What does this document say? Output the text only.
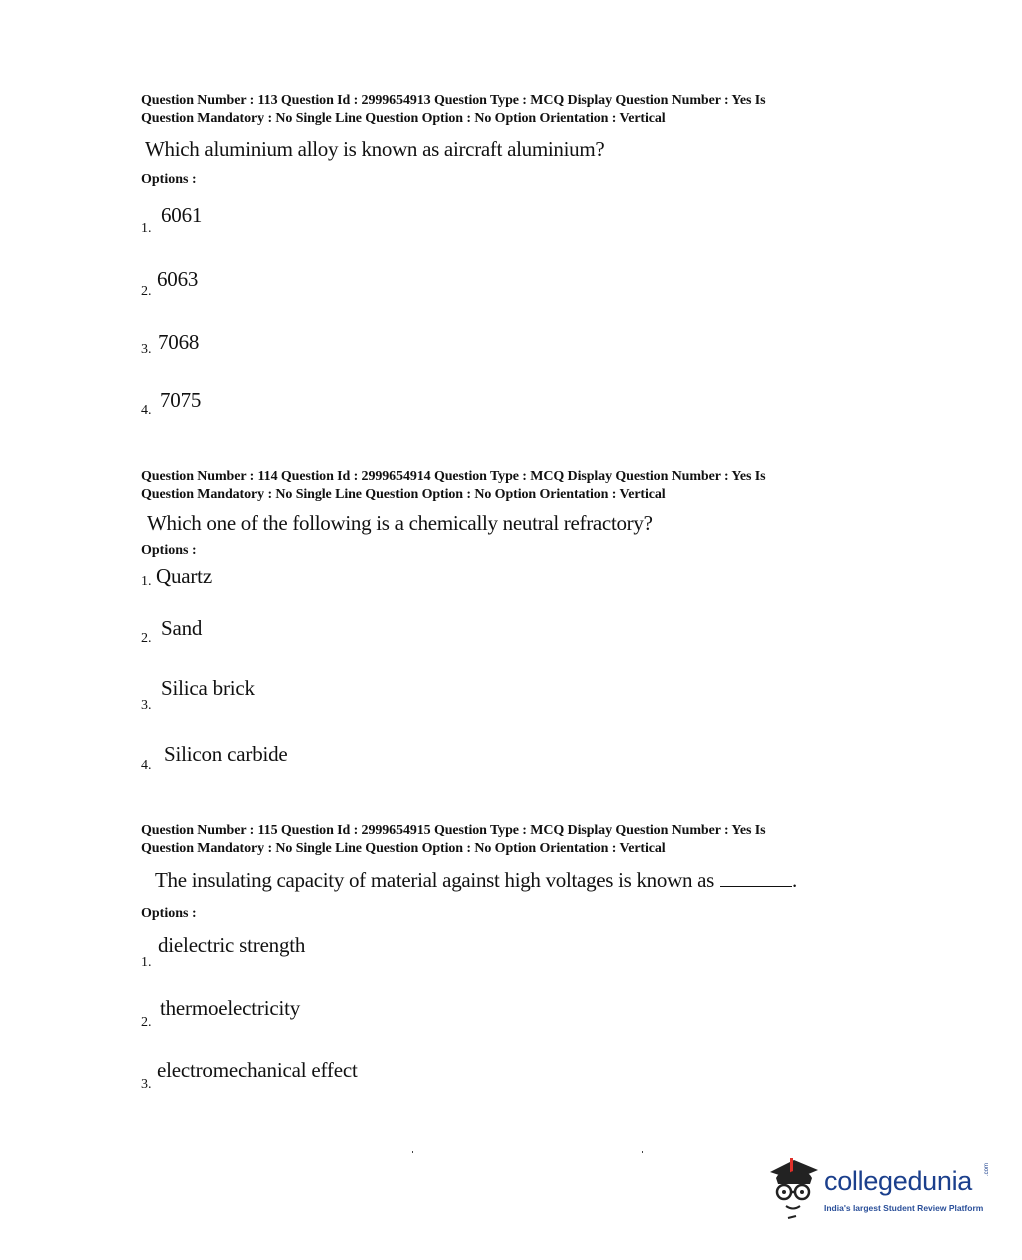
Question Number : 113 Question Id : 2999654913 Question Type : MCQ Display Question Number : Yes Is
Question Mandatory : No Single Line Question Option : No Option Orientation : Vertical
Which aluminium alloy is known as aircraft aluminium?
Options :
1.
6061
2.
6063
3. 7068
4. 7075
Question Number : 114 Question Id : 2999654914 Question Type : MCQ Display Question Number : Yes Is
Question Mandatory : No Single Line Question Option : No Option Orientation : Vertical
Which one of the following is a chemically neutral refractory?
Options :
1. Quartz
2. Sand
3.
Silica brick
4. Silicon carbide
Question Number : 115 Question Id : 2999654915 Question Type : MCQ Display Question Number : Yes Is
Question Mandatory : No Single Line Question Option : No Option Orientation : Vertical
The insulating capacity of material against high voltages is known as	.
Options :
1.
dielectric strength
2.
thermoelectricity
3.
electromechanical effect
collegedunia .com
India's largest Student Review Platform
